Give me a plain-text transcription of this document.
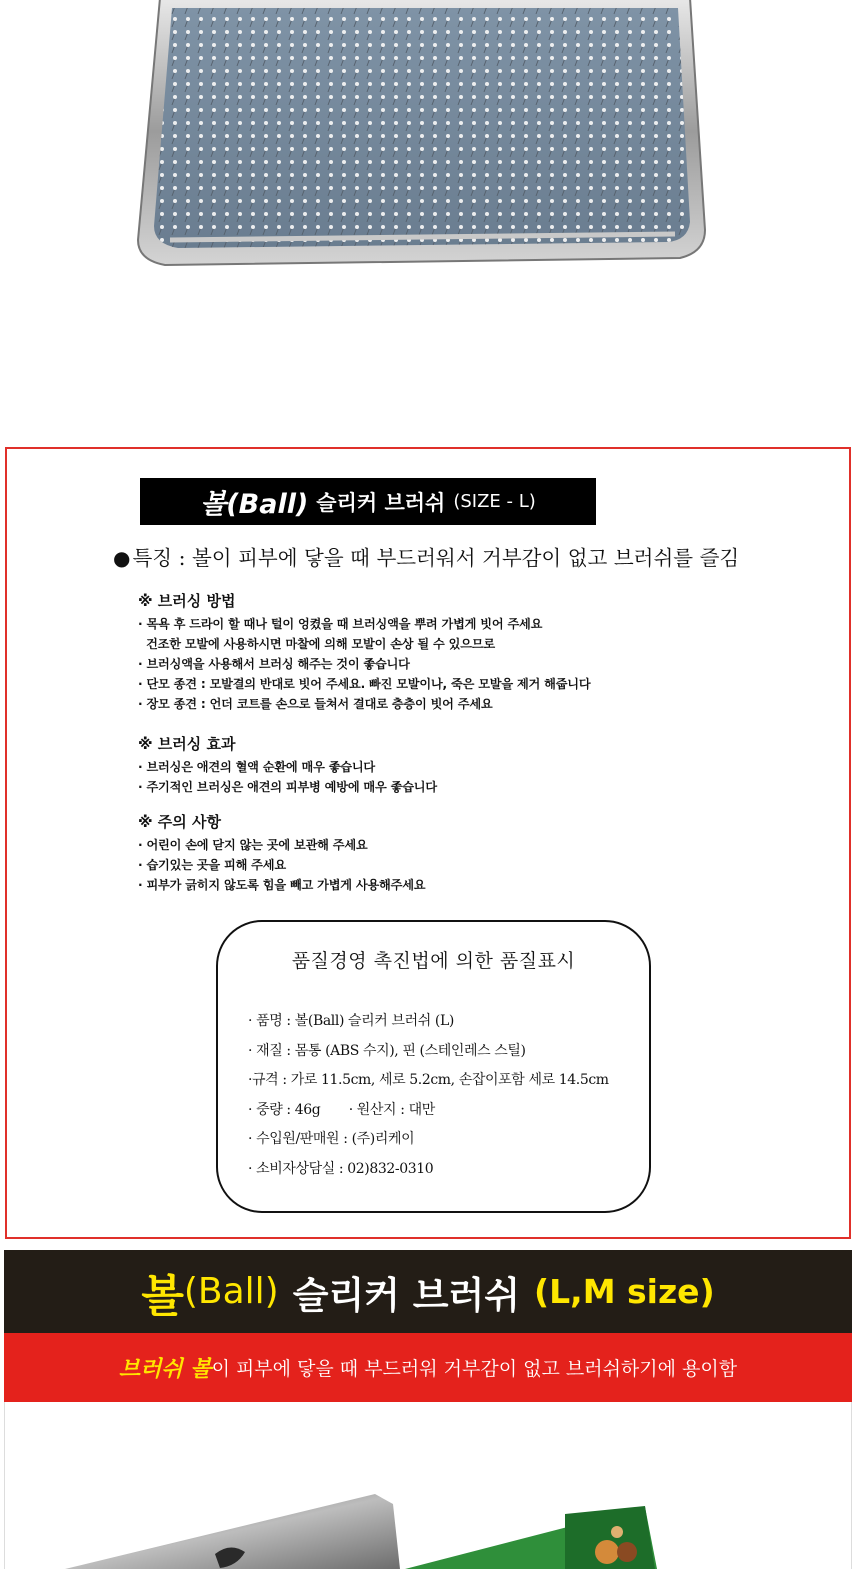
볼(Ball) 슬리커 브러쉬 (SIZE - L)
●특징 : 볼이 피부에 닿을 때 부드러워서 거부감이 없고 브러쉬를 즐김
※ 브러싱 방법
· 목욕 후 드라이 할 때나 털이 엉켰을 때 브러싱액을 뿌려 가볍게 빗어 주세요
건조한 모발에 사용하시면 마찰에 의해 모발이 손상 될 수 있으므로
· 브러싱액을 사용해서 브러싱 해주는 것이 좋습니다
· 단모 종견 : 모발결의 반대로 빗어 주세요. 빠진 모발이나, 죽은 모발을 제거 해줍니다
· 장모 종견 : 언더 코트를 손으로 들쳐서 결대로 층층이 빗어 주세요
※ 브러싱 효과
· 브러싱은 애견의 혈액 순환에 매우 좋습니다
· 주기적인 브러싱은 애견의 피부병 예방에 매우 좋습니다
※ 주의 사항
· 어린이 손에 닫지 않는 곳에 보관해 주세요
· 습기있는 곳을 피해 주세요
· 피부가 긁히지 않도록 힘을 빼고 가볍게 사용해주세요
품질경영 촉진법에 의한 품질표시
· 품명 : 볼(Ball) 슬리커 브러쉬 (L)
· 재질 : 몸통 (ABS 수지), 핀 (스테인레스 스틸)
·규격 : 가로 11.5cm, 세로 5.2cm, 손잡이포함 세로 14.5cm
· 중량 : 46g       · 원산지 : 대만
· 수입원/판매원 : (주)리케이
· 소비자상담실 : 02)832-0310
볼 (Ball) 슬리커 브러쉬 (L,M size)
브러쉬 볼 이 피부에 닿을 때 부드러워 거부감이 없고 브러쉬하기에 용이함
